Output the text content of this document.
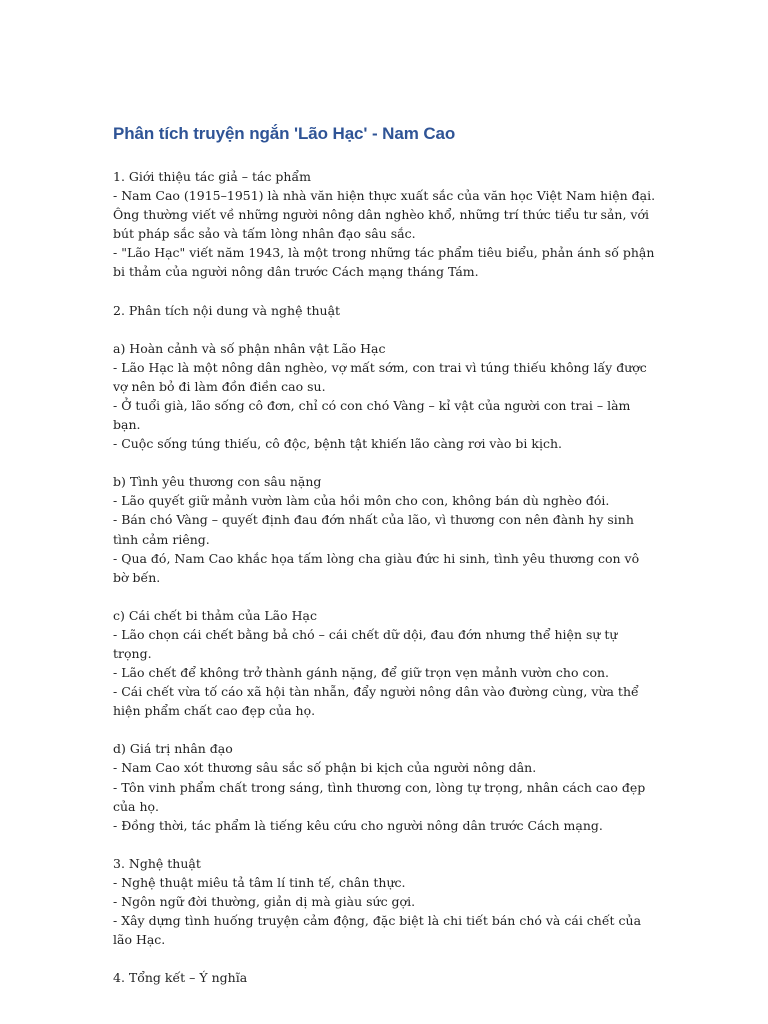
Phân tích truyện ngắn 'Lão Hạc' - Nam Cao

1. Giới thiệu tác giả – tác phẩm

- Nam Cao (1915–1951) là nhà văn hiện thực xuất sắc của văn học Việt Nam hiện đại. Ông thường viết về những người nông dân nghèo khổ, những trí thức tiểu tư sản, với bút pháp sắc sảo và tấm lòng nhân đạo sâu sắc.

- "Lão Hạc" viết năm 1943, là một trong những tác phẩm tiêu biểu, phản ánh số phận bi thảm của người nông dân trước Cách mạng tháng Tám.

2. Phân tích nội dung và nghệ thuật

a) Hoàn cảnh và số phận nhân vật Lão Hạc

- Lão Hạc là một nông dân nghèo, vợ mất sớm, con trai vì túng thiếu không lấy được vợ nên bỏ đi làm đồn điền cao su.

- Ở tuổi già, lão sống cô đơn, chỉ có con chó Vàng – kỉ vật của người con trai – làm bạn.

- Cuộc sống túng thiếu, cô độc, bệnh tật khiến lão càng rơi vào bi kịch.

b) Tình yêu thương con sâu nặng

- Lão quyết giữ mảnh vườn làm của hồi môn cho con, không bán dù nghèo đói.

- Bán chó Vàng – quyết định đau đớn nhất của lão, vì thương con nên đành hy sinh tình cảm riêng.

- Qua đó, Nam Cao khắc họa tấm lòng cha giàu đức hi sinh, tình yêu thương con vô bờ bến.

c) Cái chết bi thảm của Lão Hạc

- Lão chọn cái chết bằng bả chó – cái chết dữ dội, đau đớn nhưng thể hiện sự tự trọng.

- Lão chết để không trở thành gánh nặng, để giữ trọn vẹn mảnh vườn cho con.

- Cái chết vừa tố cáo xã hội tàn nhẫn, đẩy người nông dân vào đường cùng, vừa thể hiện phẩm chất cao đẹp của họ.

d) Giá trị nhân đạo

- Nam Cao xót thương sâu sắc số phận bi kịch của người nông dân.

- Tôn vinh phẩm chất trong sáng, tình thương con, lòng tự trọng, nhân cách cao đẹp của họ.

- Đồng thời, tác phẩm là tiếng kêu cứu cho người nông dân trước Cách mạng.

3. Nghệ thuật

- Nghệ thuật miêu tả tâm lí tinh tế, chân thực.

- Ngôn ngữ đời thường, giản dị mà giàu sức gợi.

- Xây dựng tình huống truyện cảm động, đặc biệt là chi tiết bán chó và cái chết của lão Hạc.

4. Tổng kết – Ý nghĩa
